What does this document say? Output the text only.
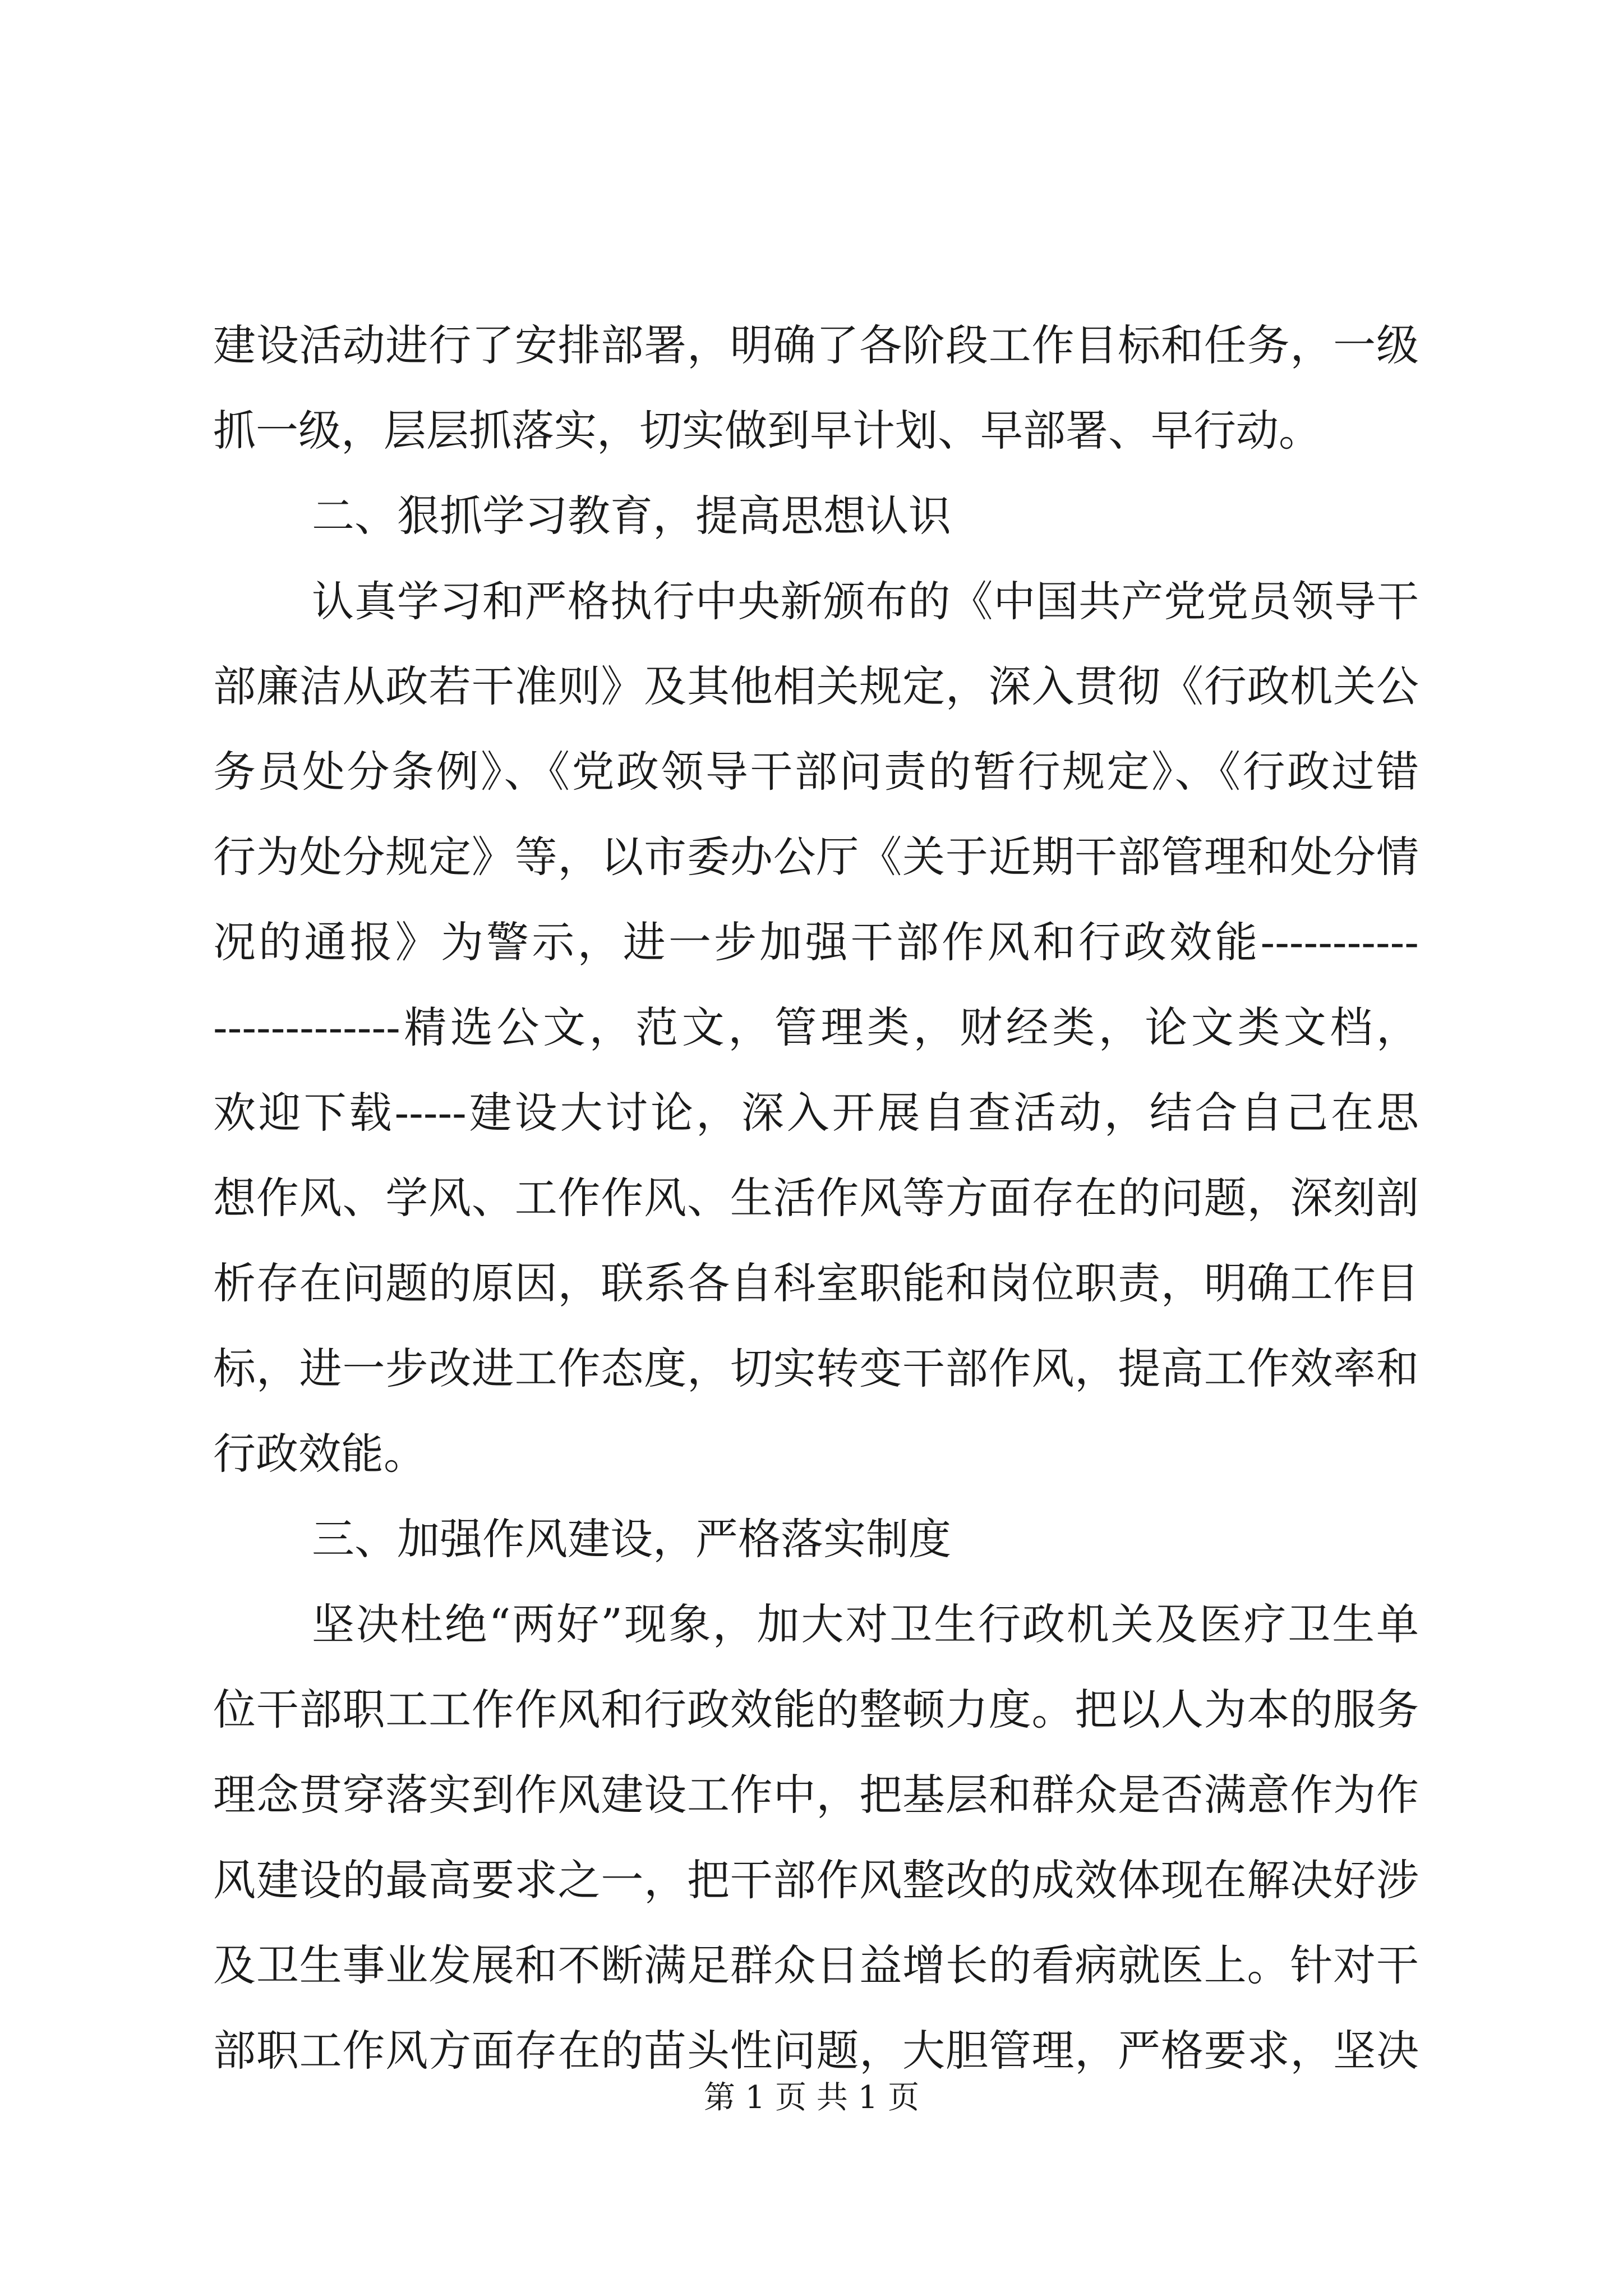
建设活动进行了安排部署，明确了各阶段工作目标和任务，一级
抓一级，层层抓落实，切实做到早计划、早部署、早行动。
二、狠抓学习教育，提高思想认识
认真学习和严格执行中央新颁布的《中国共产党党员领导干
部廉洁从政若干准则》及其他相关规定，深入贯彻《行政机关公
务员处分条例》、《党政领导干部问责的暂行规定》、《行政过错
行为处分规定》等，以市委办公厅《关于近期干部管理和处分情
况的通报》为警示，进一步加强干部作风和行政效能-----------
-------------精选公文，范文，管理类，财经类，论文类文档，
欢迎下载-----建设大讨论，深入开展自查活动，结合自己在思
想作风、学风、工作作风、生活作风等方面存在的问题，深刻剖
析存在问题的原因，联系各自科室职能和岗位职责，明确工作目
标，进一步改进工作态度，切实转变干部作风，提高工作效率和
行政效能。
三、加强作风建设，严格落实制度
坚决杜绝“两好”现象，加大对卫生行政机关及医疗卫生单
位干部职工工作作风和行政效能的整顿力度。把以人为本的服务
理念贯穿落实到作风建设工作中，把基层和群众是否满意作为作
风建设的最高要求之一，把干部作风整改的成效体现在解决好涉
及卫生事业发展和不断满足群众日益增长的看病就医上。针对干
部职工作风方面存在的苗头性问题，大胆管理，严格要求，坚决
第 1 页 共 1 页
